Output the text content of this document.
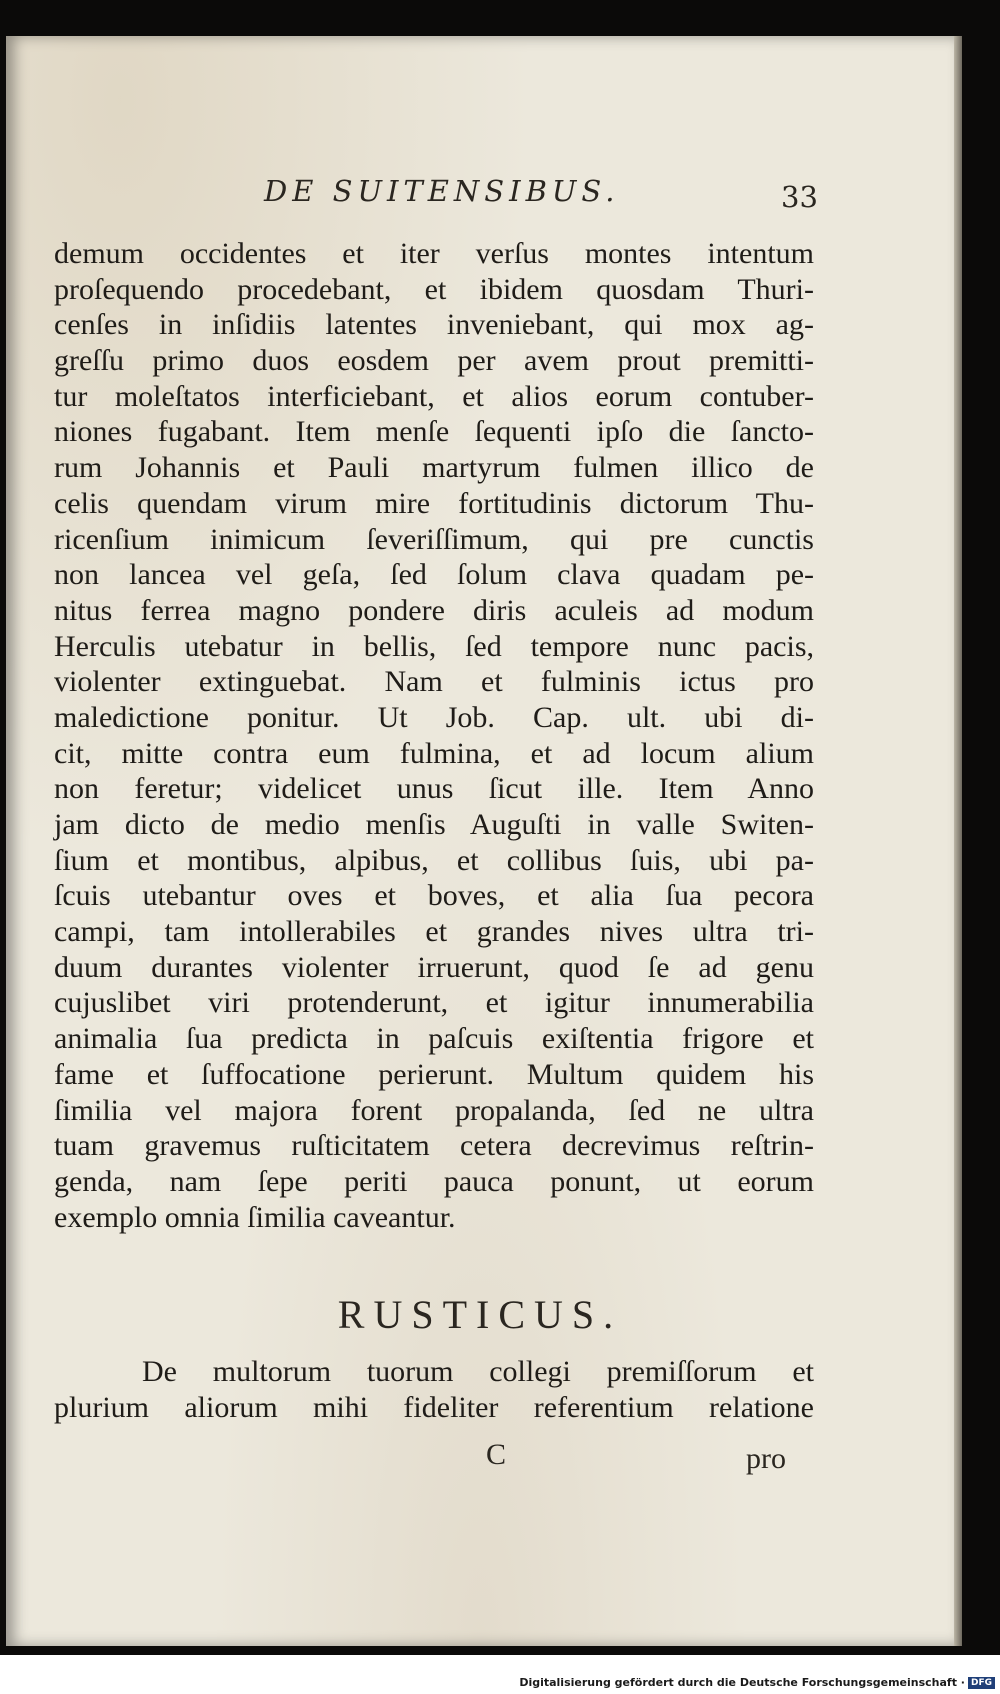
DE SUITENSIBUS.	33
demum occidentes et iter verſus montes intentum
proſequendo procedebant, et ibidem quosdam Thuri-
cenſes in inſidiis latentes inveniebant, qui mox ag-
greſſu primo duos eosdem per avem prout premitti-
tur moleſtatos interficiebant, et alios eorum contuber-
niones fugabant. Item menſe ſequenti ipſo die ſancto-
rum Johannis et Pauli martyrum fulmen illico de
celis quendam virum mire fortitudinis dictorum Thu-
ricenſium inimicum ſeveriſſimum, qui pre cunctis
non lancea vel geſa, ſed ſolum clava quadam pe-
nitus ferrea magno pondere diris aculeis ad modum
Herculis utebatur in bellis, ſed tempore nunc pacis,
violenter extinguebat. Nam et fulminis ictus pro
maledictione ponitur. Ut Job. Cap. ult. ubi di-
cit, mitte contra eum fulmina, et ad locum alium
non feretur; videlicet unus ſicut ille. Item Anno
jam dicto de medio menſis Auguſti in valle Switen-
ſium et montibus, alpibus, et collibus ſuis, ubi pa-
ſcuis utebantur oves et boves, et alia ſua pecora
campi, tam intollerabiles et grandes nives ultra tri-
duum durantes violenter irruerunt, quod ſe ad genu
cujuslibet viri protenderunt, et igitur innumerabilia
animalia ſua predicta in paſcuis exiſtentia frigore et
fame et ſuffocatione perierunt. Multum quidem his
ſimilia vel majora forent propalanda, ſed ne ultra
tuam gravemus ruſticitatem cetera decrevimus reſtrin-
genda, nam ſepe periti pauca ponunt, ut eorum
exemplo omnia ſimilia caveantur.
RUSTICUS.
De multorum tuorum collegi premiſſorum et
plurium aliorum mihi fideliter referentium relatione
C	pro
Digitalisierung gefördert durch die Deutsche Forschungsgemeinschaft · DFG
